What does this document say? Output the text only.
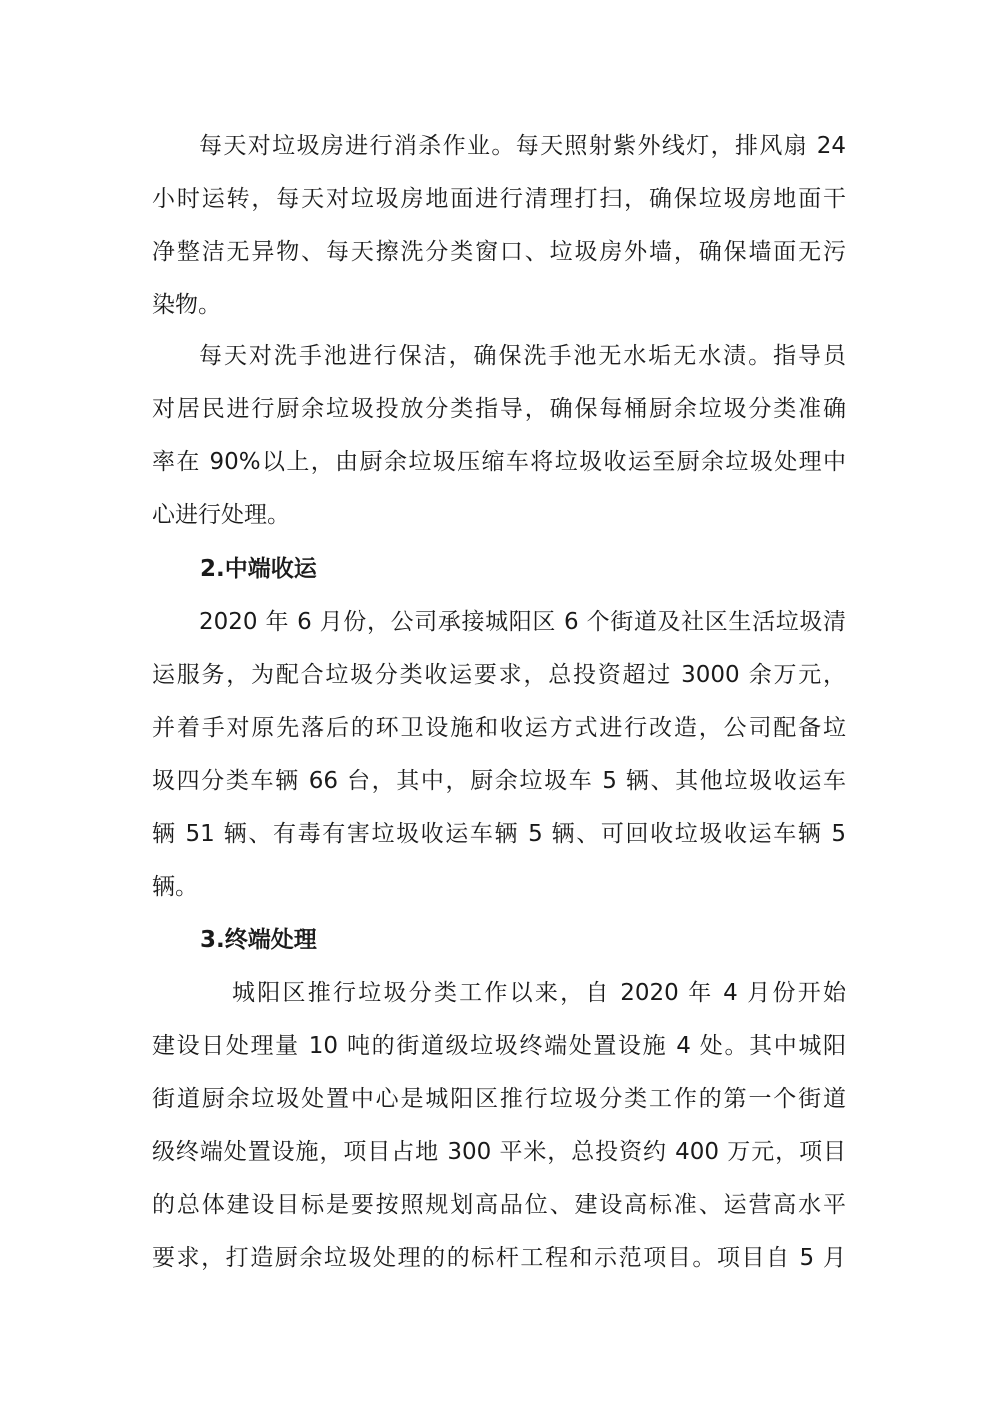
每天对垃圾房进行消杀作业。每天照射紫外线灯，排风扇 24
小时运转，每天对垃圾房地面进行清理打扫，确保垃圾房地面干
净整洁无异物、每天擦洗分类窗口、垃圾房外墙，确保墙面无污
染物。
每天对洗手池进行保洁，确保洗手池无水垢无水渍。指导员
对居民进行厨余垃圾投放分类指导，确保每桶厨余垃圾分类准确
率在 90%以上，由厨余垃圾压缩车将垃圾收运至厨余垃圾处理中
心进行处理。
2.中端收运
2020 年 6 月份，公司承接城阳区 6 个街道及社区生活垃圾清
运服务，为配合垃圾分类收运要求，总投资超过 3000 余万元，
并着手对原先落后的环卫设施和收运方式进行改造，公司配备垃
圾四分类车辆 66 台，其中，厨余垃圾车 5 辆、其他垃圾收运车
辆 51 辆、有毒有害垃圾收运车辆 5 辆、可回收垃圾收运车辆 5
辆。
3.终端处理
城阳区推行垃圾分类工作以来，自 2020 年 4 月份开始
建设日处理量 10 吨的街道级垃圾终端处置设施 4 处。其中城阳
街道厨余垃圾处置中心是城阳区推行垃圾分类工作的第一个街道
级终端处置设施，项目占地 300 平米，总投资约 400 万元，项目
的总体建设目标是要按照规划高品位、建设高标准、运营高水平
要求，打造厨余垃圾处理的的标杆工程和示范项目。项目自 5 月
